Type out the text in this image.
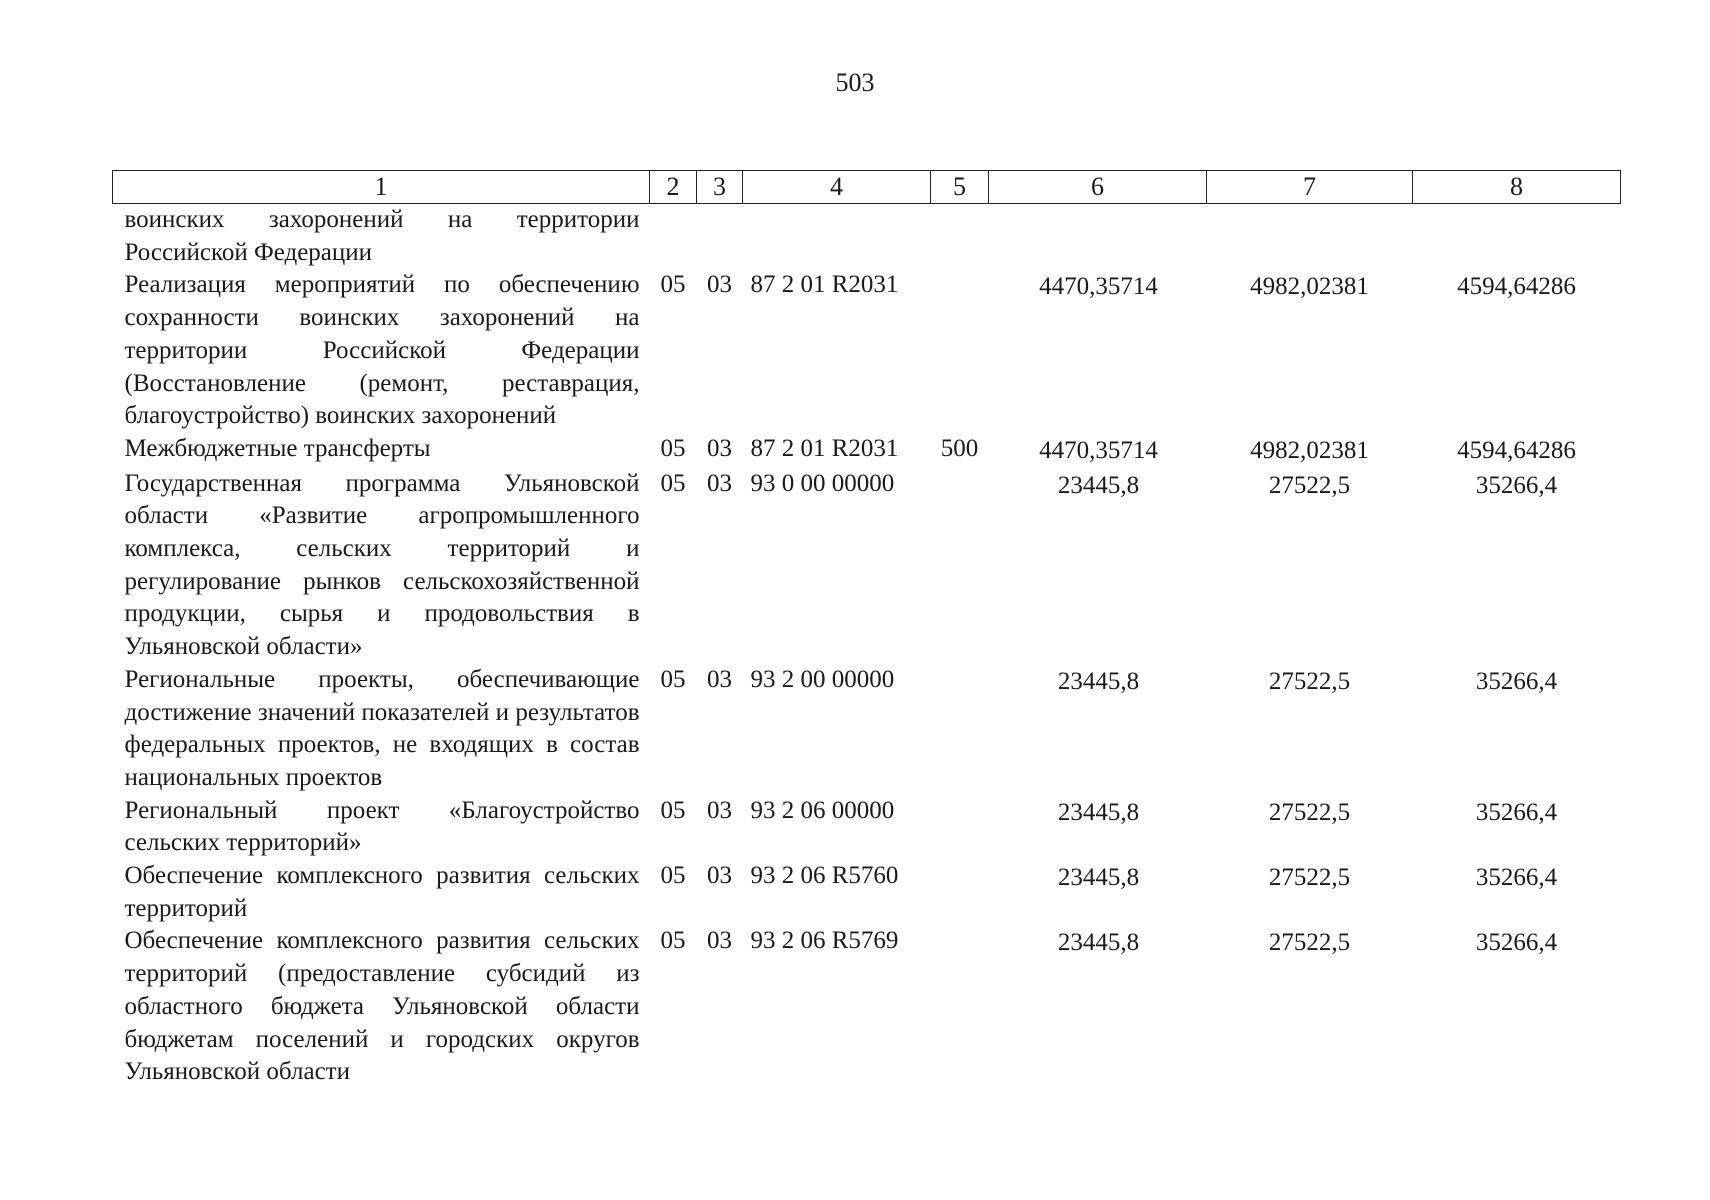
503
1	2	3	4	5	6	7	8
воинских захоронений на территории Российской Федерации							
Реализация мероприятий по обеспечению сохранности воинских захоронений на территории Российской Федерации (Восстановление (ремонт, реставрация, благоустройство) воинских захоронений	05	03	87 2 01 R2031		4470,35714	4982,02381	4594,64286
Межбюджетные трансферты	05	03	87 2 01 R2031	500	4470,35714	4982,02381	4594,64286
Государственная программа Ульяновской области «Развитие агропромышленного комплекса, сельских территорий и регулирование рынков сельскохозяйственной продукции, сырья и продовольствия в Ульяновской области»	05	03	93 0 00 00000		23445,8	27522,5	35266,4
Региональные проекты, обеспечивающие достижение значений показателей и результатов федеральных проектов, не входящих в состав национальных проектов	05	03	93 2 00 00000		23445,8	27522,5	35266,4
Региональный проект «Благоустройство сельских территорий»	05	03	93 2 06 00000		23445,8	27522,5	35266,4
Обеспечение комплексного развития сельских территорий	05	03	93 2 06 R5760		23445,8	27522,5	35266,4
Обеспечение комплексного развития сельских территорий (предоставление субсидий из областного бюджета Ульяновской области бюджетам поселений и городских округов Ульяновской области	05	03	93 2 06 R5769		23445,8	27522,5	35266,4
